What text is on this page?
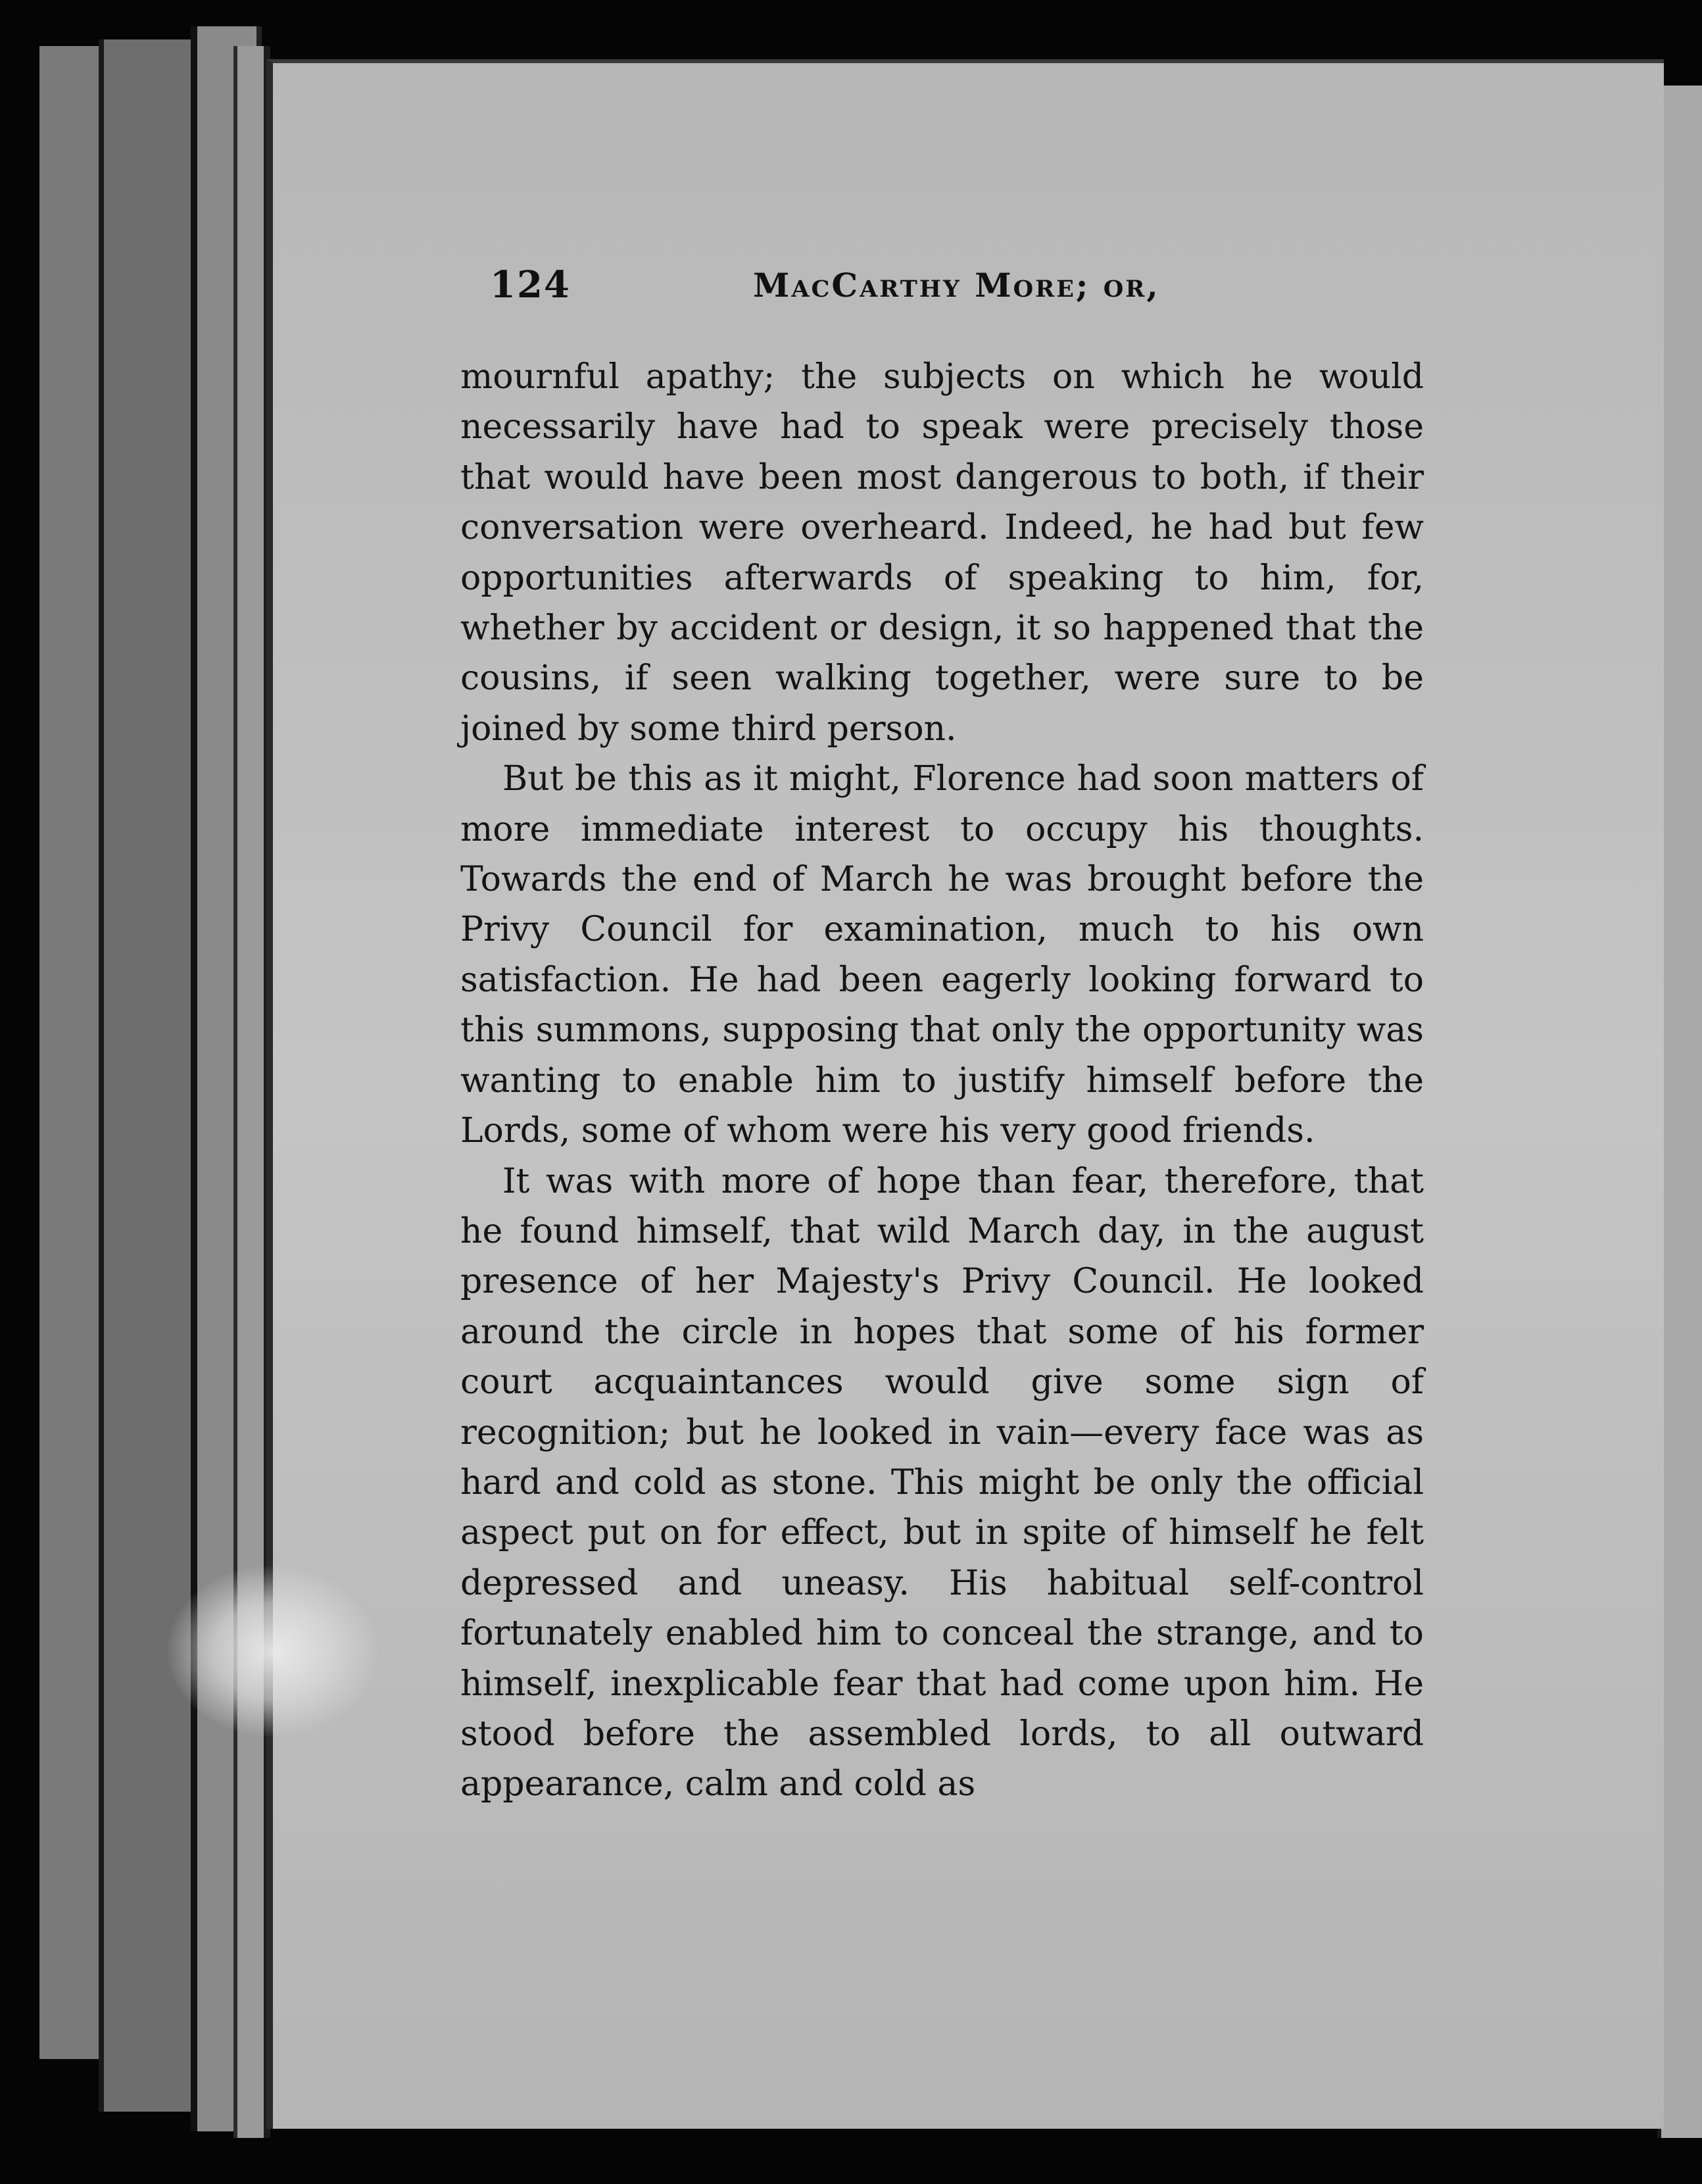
124	MacCarthy More; or,

mournful apathy; the subjects on which he would necessarily have had to speak were precisely those that would have been most dangerous to both, if their conversation were overheard. Indeed, he had but few opportunities afterwards of speaking to him, for, whether by accident or design, it so happened that the cousins, if seen walking together, were sure to be joined by some third person.

But be this as it might, Florence had soon matters of more immediate interest to occupy his thoughts. Towards the end of March he was brought before the Privy Council for examination, much to his own satisfaction. He had been eagerly looking forward to this summons, supposing that only the opportunity was wanting to enable him to justify himself before the Lords, some of whom were his very good friends.

It was with more of hope than fear, therefore, that he found himself, that wild March day, in the august presence of her Majesty's Privy Council. He looked around the circle in hopes that some of his former court acquaintances would give some sign of recognition; but he looked in vain—every face was as hard and cold as stone. This might be only the official aspect put on for effect, but in spite of himself he felt depressed and uneasy. His habitual self-control fortunately enabled him to conceal the strange, and to himself, inexplicable fear that had come upon him. He stood before the assembled lords, to all outward appearance, calm and cold as
